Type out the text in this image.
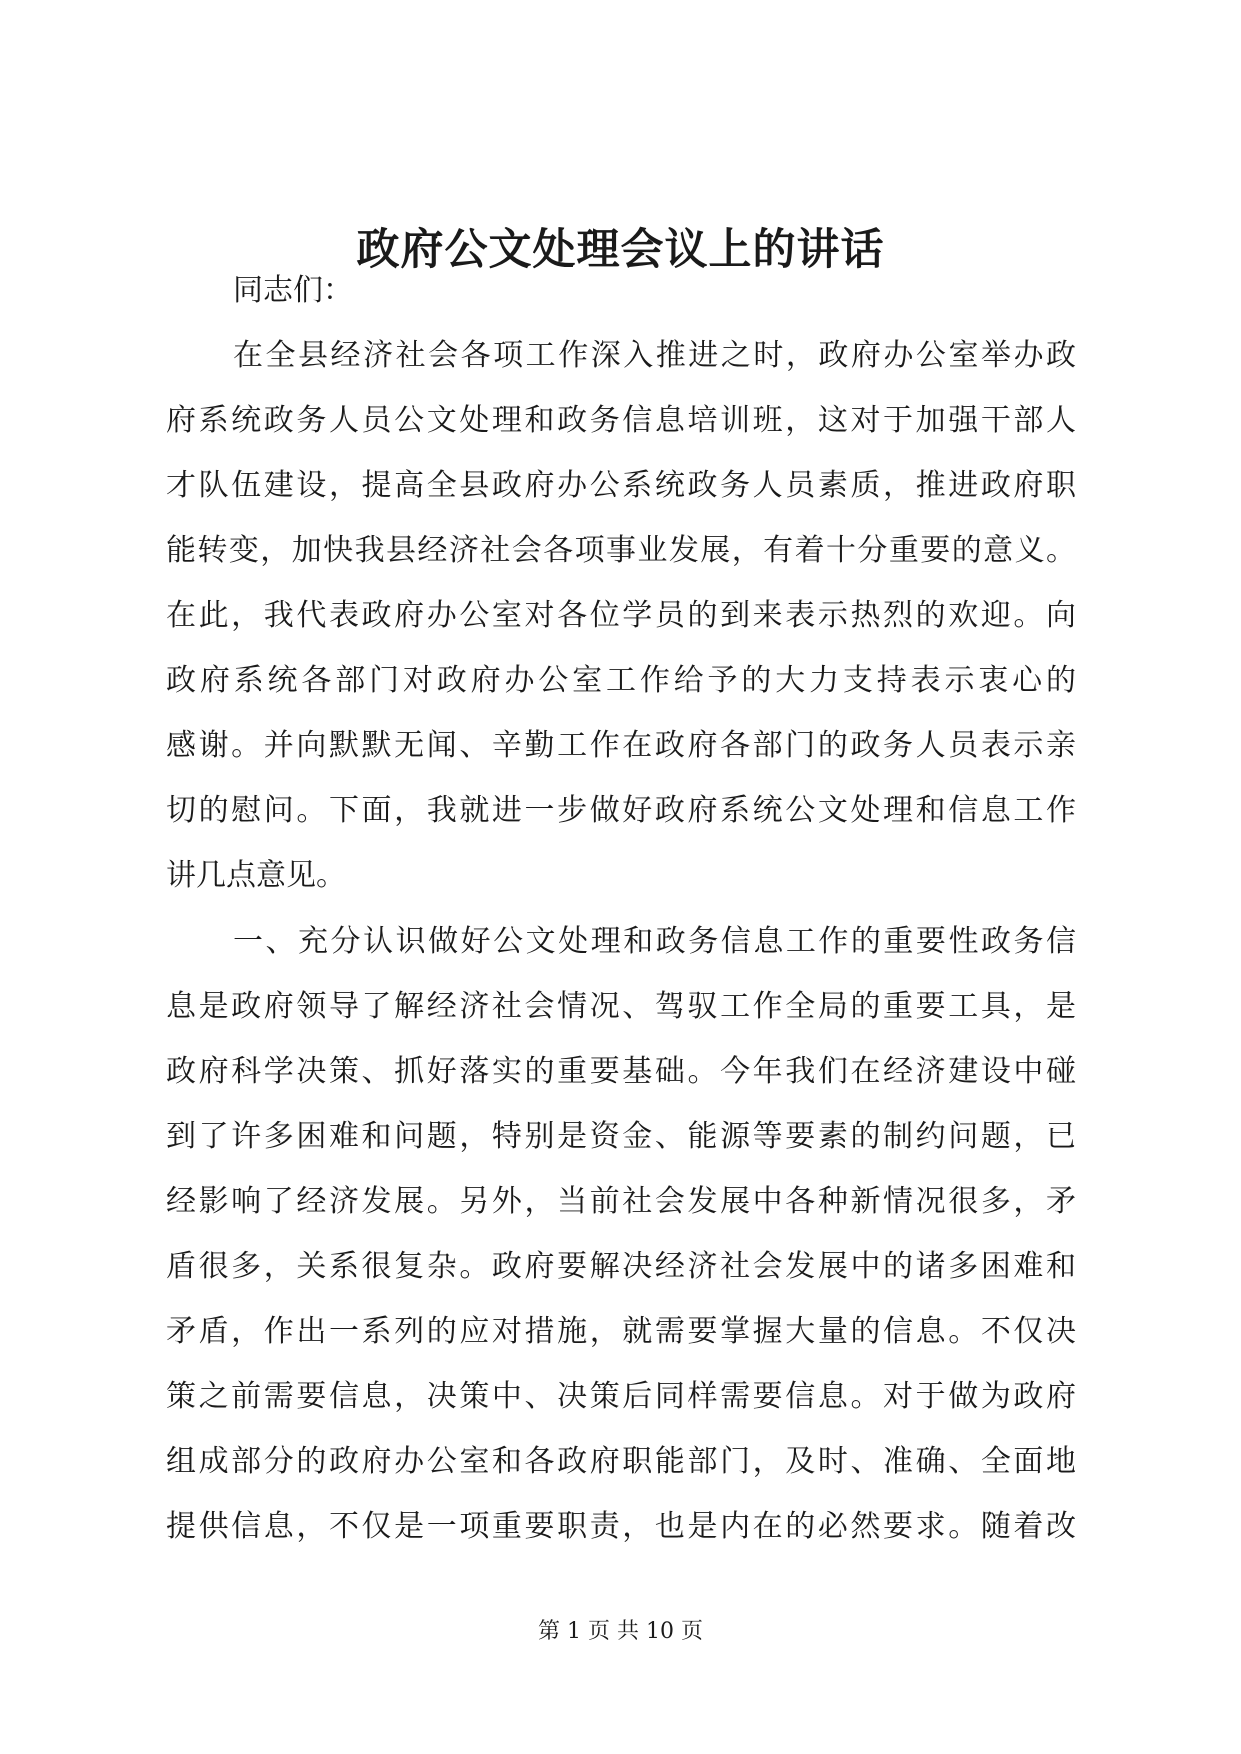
政府公文处理会议上的讲话

同志们：

在全县经济社会各项工作深入推进之时，政府办公室举办政

府系统政务人员公文处理和政务信息培训班，这对于加强干部人

才队伍建设，提高全县政府办公系统政务人员素质，推进政府职

能转变，加快我县经济社会各项事业发展，有着十分重要的意义。

在此，我代表政府办公室对各位学员的到来表示热烈的欢迎。向

政府系统各部门对政府办公室工作给予的大力支持表示衷心的

感谢。并向默默无闻、辛勤工作在政府各部门的政务人员表示亲

切的慰问。下面，我就进一步做好政府系统公文处理和信息工作

讲几点意见。

一、充分认识做好公文处理和政务信息工作的重要性政务信

息是政府领导了解经济社会情况、驾驭工作全局的重要工具，是

政府科学决策、抓好落实的重要基础。今年我们在经济建设中碰

到了许多困难和问题，特别是资金、能源等要素的制约问题，已

经影响了经济发展。另外，当前社会发展中各种新情况很多，矛

盾很多，关系很复杂。政府要解决经济社会发展中的诸多困难和

矛盾，作出一系列的应对措施，就需要掌握大量的信息。不仅决

策之前需要信息，决策中、决策后同样需要信息。对于做为政府

组成部分的政府办公室和各政府职能部门，及时、准确、全面地

提供信息，不仅是一项重要职责，也是内在的必然要求。随着改

第 1 页 共 10 页
